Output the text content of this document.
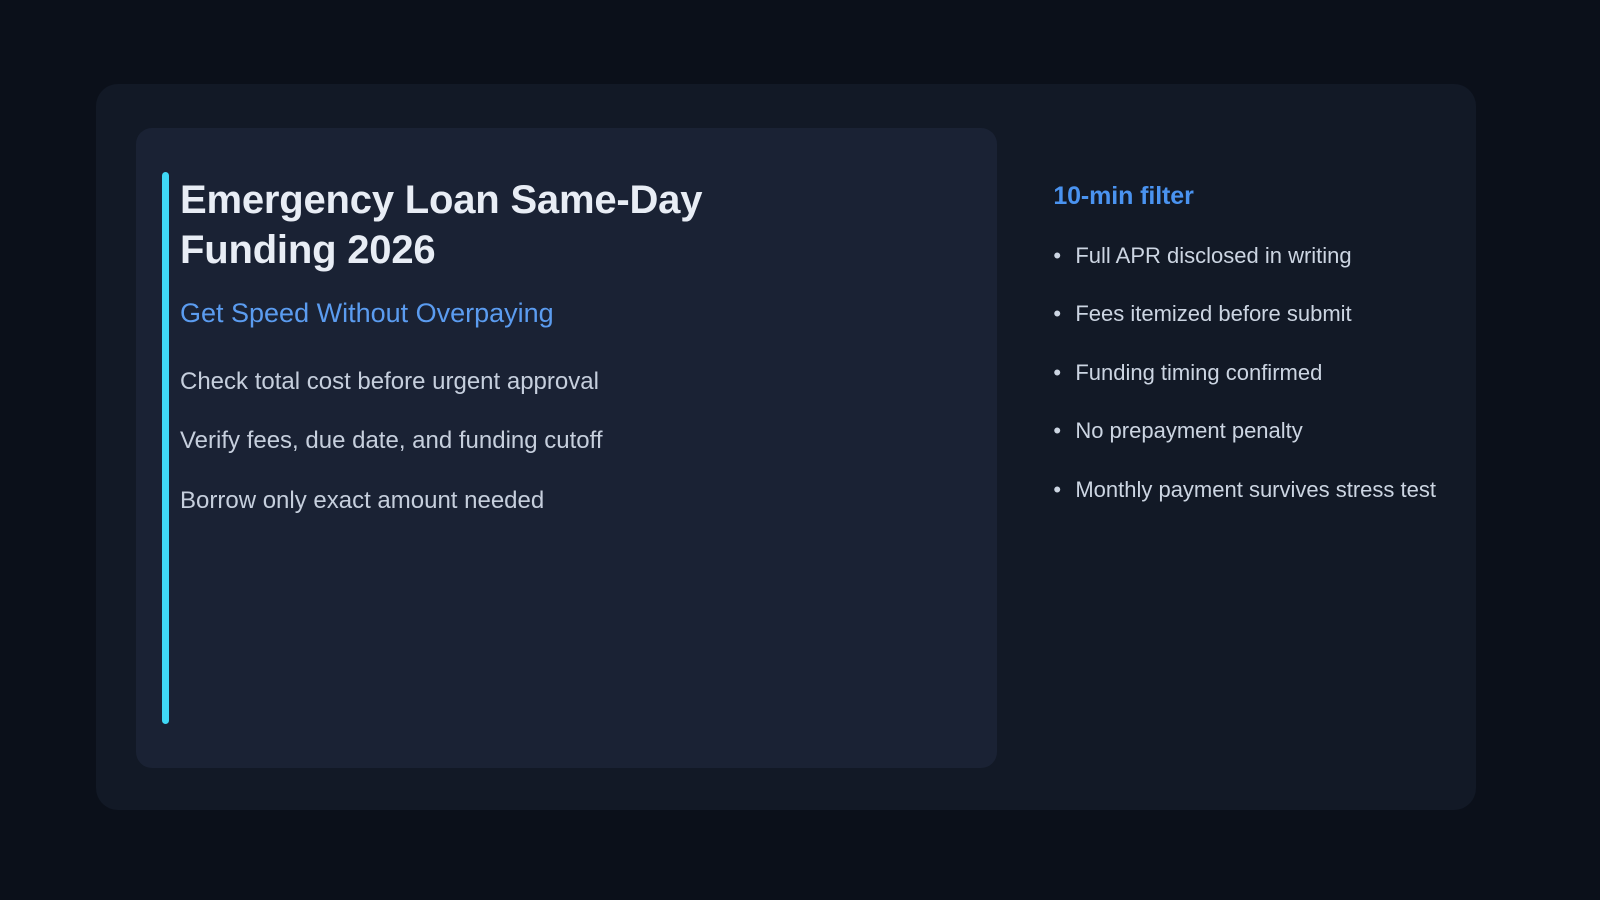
Emergency Loan Same-Day Funding 2026
Get Speed Without Overpaying
Check total cost before urgent approval
Verify fees, due date, and funding cutoff
Borrow only exact amount needed
10-min filter
• Full APR disclosed in writing
• Fees itemized before submit
• Funding timing confirmed
• No prepayment penalty
• Monthly payment survives stress test
